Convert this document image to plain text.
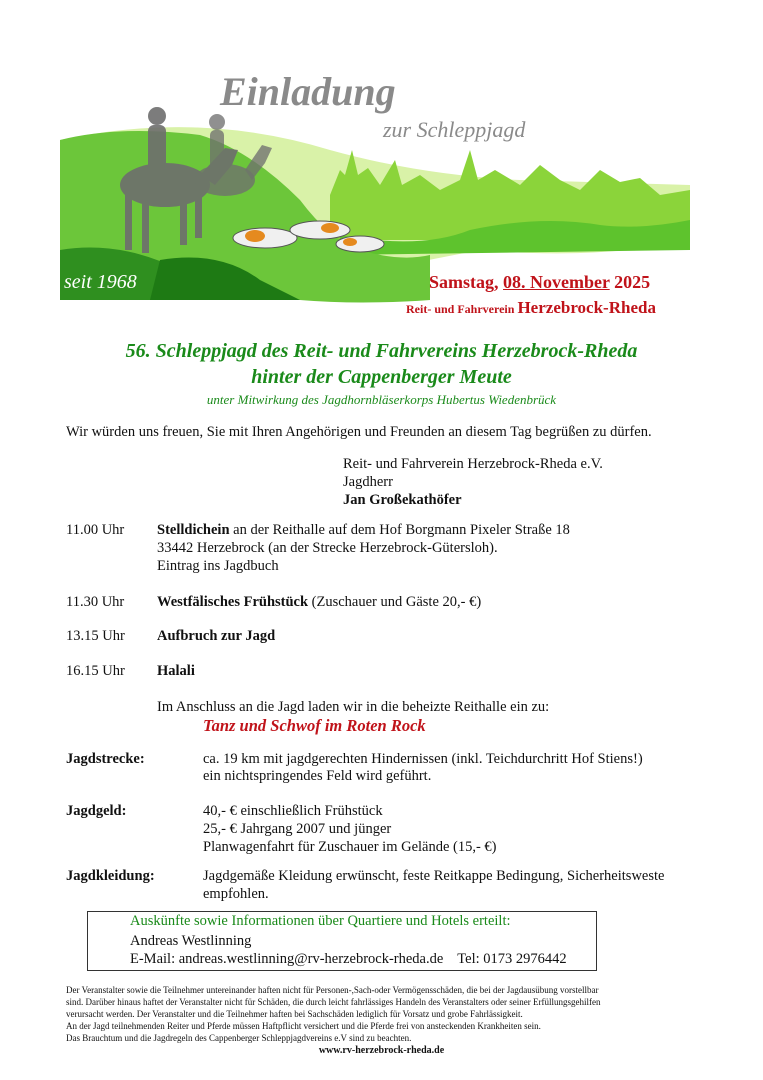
Einladung
zur Schleppjagd
seit 1968	Samstag, 08. November 2025
Reit- und Fahrverein Herzebrock-Rheda
56. Schleppjagd des Reit- und Fahrvereins Herzebrock-Rheda
hinter der Cappenberger Meute
unter Mitwirkung des Jagdhornbläserkorps Hubertus Wiedenbrück
Wir würden uns freuen, Sie mit Ihren Angehörigen und Freunden an diesem Tag begrüßen zu dürfen.
Reit- und Fahrverein Herzebrock-Rheda e.V.
Jagdherr
Jan Großekathöfer
11.00 Uhr Stelldichein an der Reithalle auf dem Hof Borgmann Pixeler Straße 18
33442 Herzebrock (an der Strecke Herzebrock-Gütersloh).
Eintrag ins Jagdbuch
11.30 Uhr Westfälisches Frühstück (Zuschauer und Gäste 20,- €)
13.15 Uhr Aufbruch zur Jagd
16.15 Uhr Halali
Im Anschluss an die Jagd laden wir in die beheizte Reithalle ein zu:
Tanz und Schwof im Roten Rock
Jagdstrecke:	ca. 19 km mit jagdgerechten Hindernissen (inkl. Teichdurchritt Hof Stiens!)
ein nichtspringendes Feld wird geführt.
Jagdgeld:	40,- € einschließlich Frühstück
25,- € Jahrgang 2007 und jünger
Planwagenfahrt für Zuschauer im Gelände (15,- €)
Jagdkleidung:	Jagdgemäße Kleidung erwünscht, feste Reitkappe Bedingung, Sicherheitsweste
empfohlen.
Auskünfte sowie Informationen über Quartiere und Hotels erteilt:
Andreas Westlinning
E-Mail: andreas.westlinning@rv-herzebrock-rheda.de Tel: 0173 2976442
Der Veranstalter sowie die Teilnehmer untereinander haften nicht für Personen-,Sach-oder Vermögensschäden, die bei der Jagdausübung vorstellbar
sind. Darüber hinaus haftet der Veranstalter nicht für Schäden, die durch leicht fahrlässiges Handeln des Veranstalters oder seiner Erfüllungsgehilfen
verursacht werden. Der Veranstalter und die Teilnehmer haften bei Sachschäden lediglich für Vorsatz und grobe Fahrlässigkeit.
An der Jagd teilnehmenden Reiter und Pferde müssen Haftpflicht versichert und die Pferde frei von ansteckenden Krankheiten sein.
Das Brauchtum und die Jagdregeln des Cappenberger Schleppjagdvereins e.V sind zu beachten.
www.rv-herzebrock-rheda.de
